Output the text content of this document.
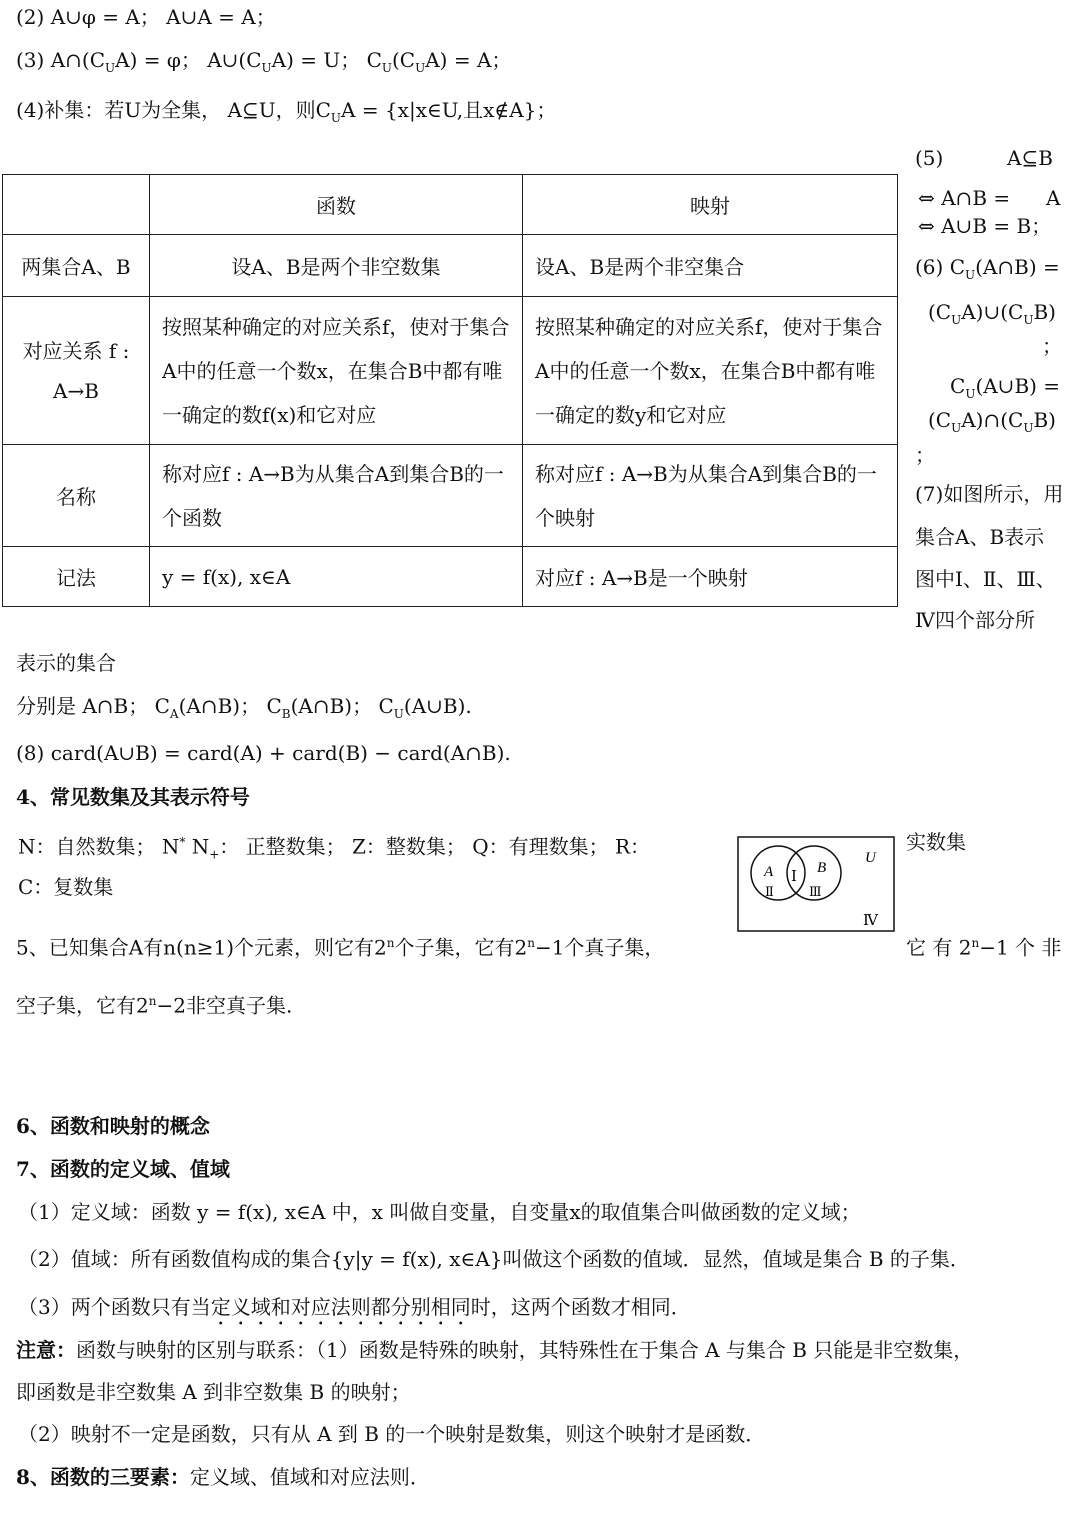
(2) A∪φ = A； A∪A = A；
(3) $A\cap(C_UA) = \varphi$； $A\cup(C_UA) = U$； $C_U(C_UA) = A$；
(4)补集：若U为全集， A⊆U，则$C_UA$ = {x|x∈U,且x∉A}；
	函数	映射
两集合A、B	设A、B是两个非空数集	设A、B是两个非空集合
对应关系 f : A→B	按照某种确定的对应关系f，使对于集合A中的任意一个数x，在集合B中都有唯一确定的数f(x)和它对应	按照某种确定的对应关系f，使对于集合A中的任意一个数x，在集合B中都有唯一确定的数y和它对应
名称	称对应f : A→B为从集合A到集合B的一个函数	称对应f : A→B为从集合A到集合B的一个映射
记法	y = f(x), x∈A	对应f : A→B是一个映射
(5)	A⊆B
⇔ A∩B = A
⇔ A∪B = B；
(6) $C_U(A\cap B)$ =
$(C_UA)\cup(C_UB)$
；
$C_U(A\cup B)$ =
$(C_UA)\cap(C_UB)$
；
(7)如图所示，用
集合A、B表示
图中Ⅰ、Ⅱ、Ⅲ、
Ⅳ四个部分所
表示的集合
分别是 A∩B； $C_A(A\cap B)$； $C_B(A\cap B)$； $C_U(A\cup B)$.
(8) card(A∪B) = card(A) + card(B) − card(A∩B).
4、常见数集及其表示符号
N：自然数集； N* $N_+$： 正整数集； Z：整数集； Q：有理数集； R：	实数集
C：复数集
A	B
U
Ⅰ
Ⅱ	Ⅲ
Ⅳ
5、已知集合A有n(n≥1)个元素，则它有2$^n$个子集，它有$2^n-1$个真子集，	它 有 $2^n-1$ 个 非
空子集，它有$2^n-2$非空真子集.
6、函数和映射的概念
7、函数的定义域、值域
（1）定义域：函数 y = f(x), x∈A 中，x 叫做自变量，自变量x的取值集合叫做函数的定义域；
（2）值域：所有函数值构成的集合{y|y = f(x), x∈A}叫做这个函数的值域．显然，值域是集合 B 的子集．
（3）两个函数只有当定义域和对应法则都分别相同时，这两个函数才相同．
注意：函数与映射的区别与联系：（1）函数是特殊的映射，其特殊性在于集合 A 与集合 B 只能是非空数集，
即函数是非空数集 A 到非空数集 B 的映射；
（2）映射不一定是函数，只有从 A 到 B 的一个映射是数集，则这个映射才是函数．
8、函数的三要素：定义域、值域和对应法则．
